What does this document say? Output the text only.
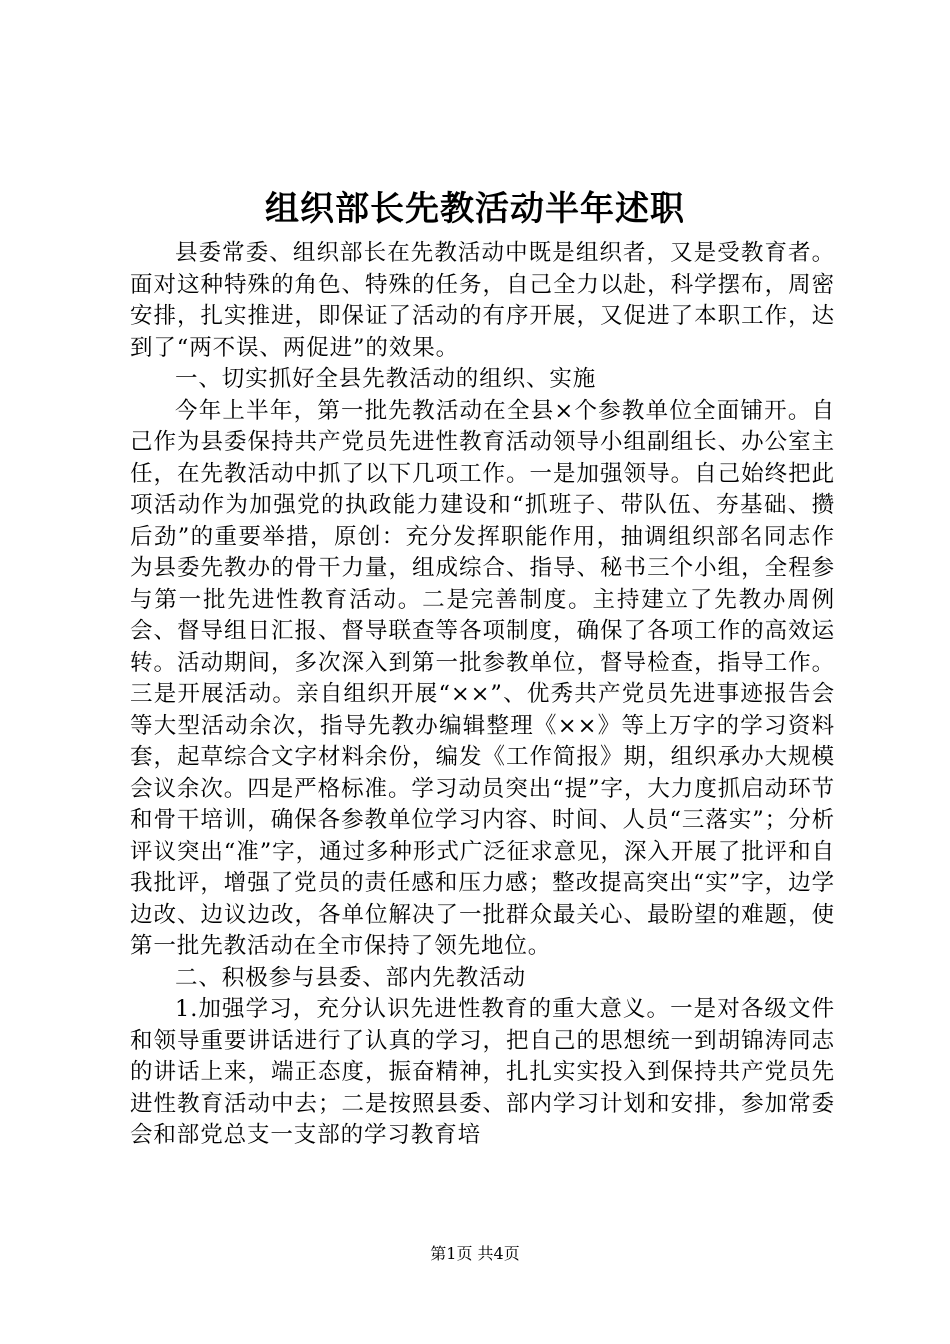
组织部长先教活动半年述职

县委常委、组织部长在先教活动中既是组织者，又是受教育者。面对这种特殊的角色、特殊的任务，自己全力以赴，科学摆布，周密安排，扎实推进，即保证了活动的有序开展，又促进了本职工作，达到了“两不误、两促进”的效果。

一、切实抓好全县先教活动的组织、实施

今年上半年，第一批先教活动在全县×个参教单位全面铺开。自己作为县委保持共产党员先进性教育活动领导小组副组长、办公室主任，在先教活动中抓了以下几项工作。一是加强领导。自己始终把此项活动作为加强党的执政能力建设和“抓班子、带队伍、夯基础、攒后劲”的重要举措，原创：充分发挥职能作用，抽调组织部名同志作为县委先教办的骨干力量，组成综合、指导、秘书三个小组，全程参与第一批先进性教育活动。二是完善制度。主持建立了先教办周例会、督导组日汇报、督导联查等各项制度，确保了各项工作的高效运转。活动期间，多次深入到第一批参教单位，督导检查，指导工作。三是开展活动。亲自组织开展“××”、优秀共产党员先进事迹报告会等大型活动余次，指导先教办编辑整理《××》等上万字的学习资料套，起草综合文字材料余份，编发《工作简报》期，组织承办大规模会议余次。四是严格标准。学习动员突出“提”字，大力度抓启动环节和骨干培训，确保各参教单位学习内容、时间、人员“三落实”；分析评议突出“准”字，通过多种形式广泛征求意见，深入开展了批评和自我批评，增强了党员的责任感和压力感；整改提高突出“实”字，边学边改、边议边改，各单位解决了一批群众最关心、最盼望的难题，使第一批先教活动在全市保持了领先地位。

二、积极参与县委、部内先教活动

1.加强学习，充分认识先进性教育的重大意义。一是对各级文件和领导重要讲话进行了认真的学习，把自己的思想统一到胡锦涛同志的讲话上来，端正态度，振奋精神，扎扎实实投入到保持共产党员先进性教育活动中去；二是按照县委、部内学习计划和安排，参加常委会和部党总支一支部的学习教育培

第1页 共4页
